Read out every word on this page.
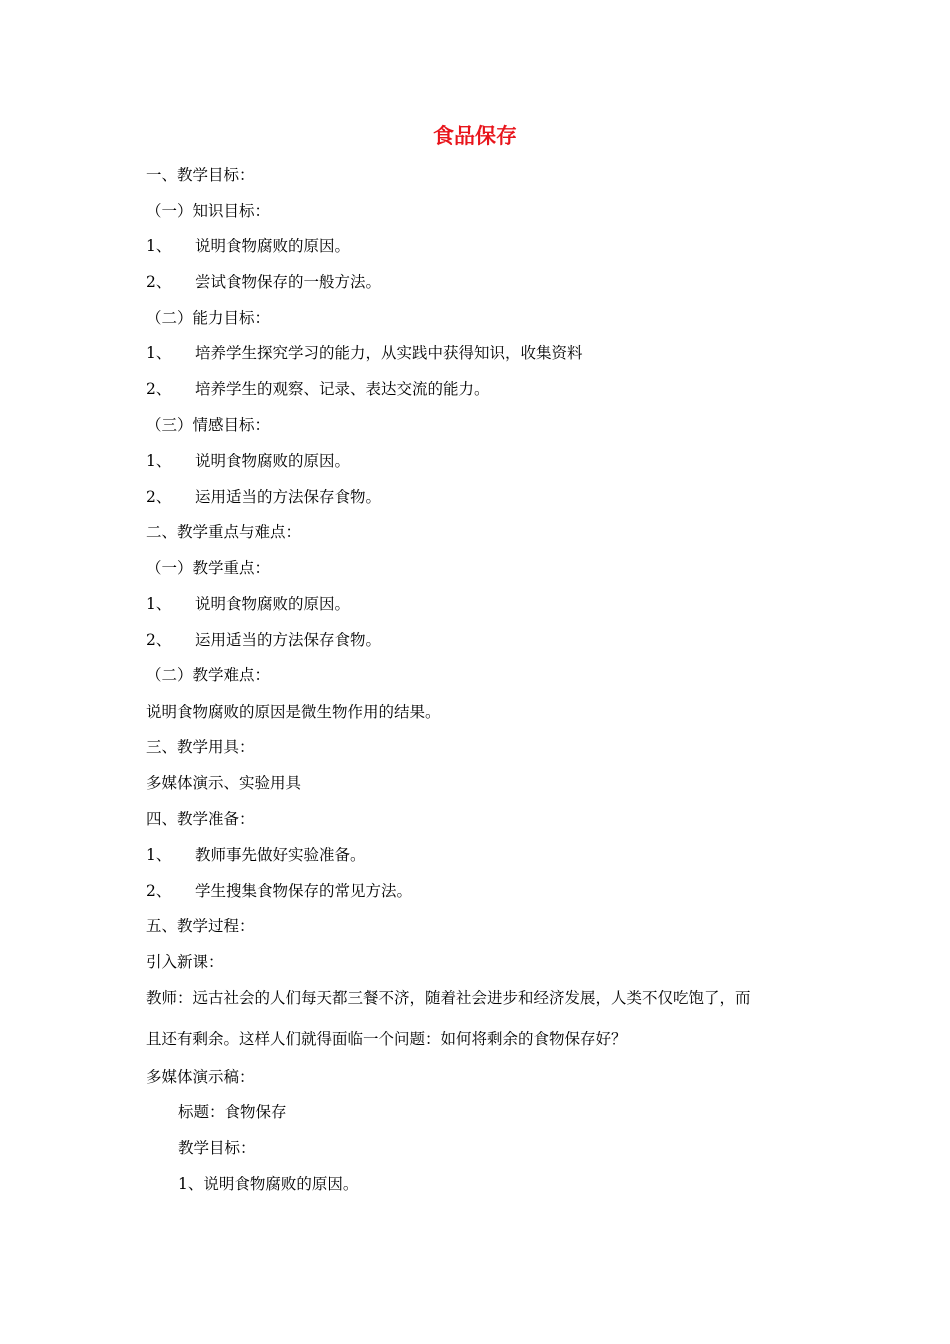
食品保存
一、教学目标：
（一）知识目标：
1、 说明食物腐败的原因。
2、 尝试食物保存的一般方法。
（二）能力目标：
1、 培养学生探究学习的能力，从实践中获得知识，收集资料
2、 培养学生的观察、记录、表达交流的能力。
（三）情感目标：
1、 说明食物腐败的原因。
2、 运用适当的方法保存食物。
二、教学重点与难点：
（一）教学重点：
1、 说明食物腐败的原因。
2、 运用适当的方法保存食物。
（二）教学难点：
说明食物腐败的原因是微生物作用的结果。
三、教学用具：
多媒体演示、实验用具
四、教学准备：
1、 教师事先做好实验准备。
2、 学生搜集食物保存的常见方法。
五、教学过程：
引入新课：
教师：远古社会的人们每天都三餐不济，随着社会进步和经济发展，人类不仅吃饱了，而
且还有剩余。这样人们就得面临一个问题：如何将剩余的食物保存好？
多媒体演示稿：
标题：食物保存
教学目标：
1、说明食物腐败的原因。
